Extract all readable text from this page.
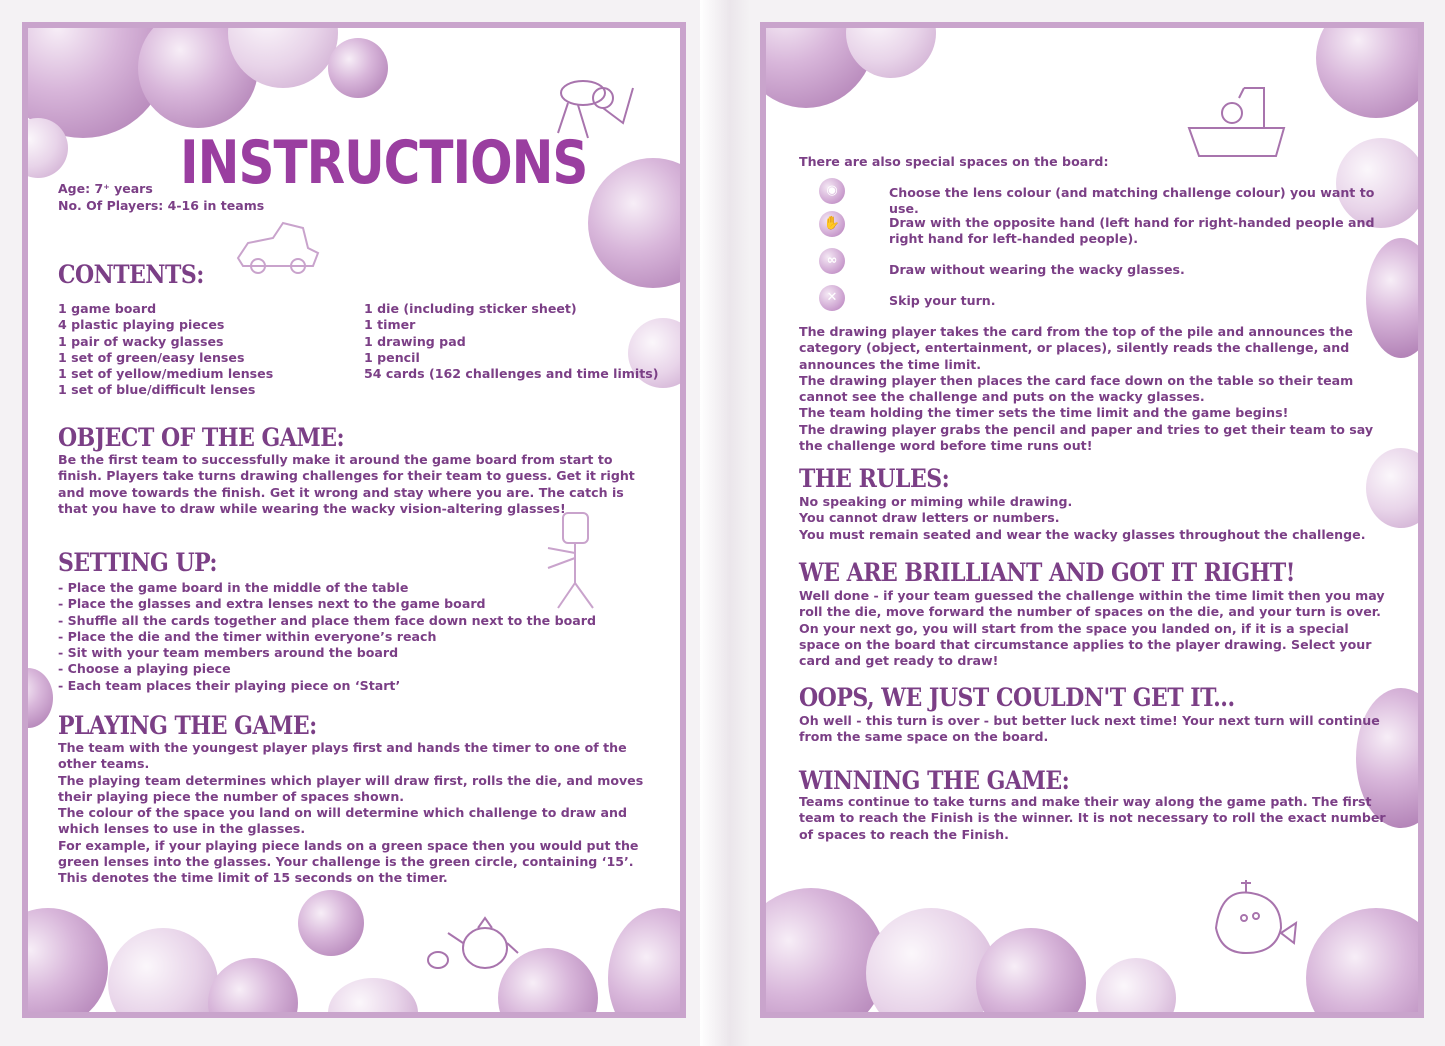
INSTRUCTIONS
Age: 7⁺ years
No. Of Players: 4-16 in teams
CONTENTS:
1 game board
4 plastic playing pieces
1 pair of wacky glasses
1 set of green/easy lenses
1 set of yellow/medium lenses
1 set of blue/difficult lenses
1 die (including sticker sheet)
1 timer
1 drawing pad
1 pencil
54 cards (162 challenges and time limits)
OBJECT OF THE GAME:
Be the first team to successfully make it around the game board from start to finish. Players take turns drawing challenges for their team to guess. Get it right and move towards the finish. Get it wrong and stay where you are. The catch is that you have to draw while wearing the wacky vision-altering glasses!
SETTING UP:
- Place the game board in the middle of the table
- Place the glasses and extra lenses next to the game board
- Shuffle all the cards together and place them face down next to the board
- Place the die and the timer within everyone’s reach
- Sit with your team members around the board
- Choose a playing piece
- Each team places their playing piece on ‘Start’
PLAYING THE GAME:

The team with the youngest player plays first and hands the timer to one of the other teams.

The playing team determines which player will draw first, rolls the die, and moves their playing piece the number of spaces shown.

The colour of the space you land on will determine which challenge to draw and which lenses to use in the glasses.

For example, if your playing piece lands on a green space then you would put the green lenses into the glasses. Your challenge is the green circle, containing ‘15’. This denotes the time limit of 15 seconds on the timer.

There are also special spaces on the board:
◉	Choose the lens colour (and matching challenge colour) you want to use.
✋	Draw with the opposite hand (left hand for right-handed people and right hand for left-handed people).
∞
Draw without wearing the wacky glasses.
✕	Skip your turn.

The drawing player takes the card from the top of the pile and announces the category (object, entertainment, or places), silently reads the challenge, and announces the time limit.

The drawing player then places the card face down on the table so their team cannot see the challenge and puts on the wacky glasses.

The team holding the timer sets the time limit and the game begins!

The drawing player grabs the pencil and paper and tries to get their team to say the challenge word before time runs out!

THE RULES:
No speaking or miming while drawing.
You cannot draw letters or numbers.
You must remain seated and wear the wacky glasses throughout the challenge.
WE ARE BRILLIANT AND GOT IT RIGHT!
Well done - if your team guessed the challenge within the time limit then you may roll the die, move forward the number of spaces on the die, and your turn is over. On your next go, you will start from the space you landed on, if it is a special space on the board that circumstance applies to the player drawing. Select your card and get ready to draw!
OOPS, WE JUST COULDN'T GET IT...
Oh well - this turn is over - but better luck next time! Your next turn will continue from the same space on the board.
WINNING THE GAME:
Teams continue to take turns and make their way along the game path. The first team to reach the Finish is the winner. It is not necessary to roll the exact number of spaces to reach the Finish.
